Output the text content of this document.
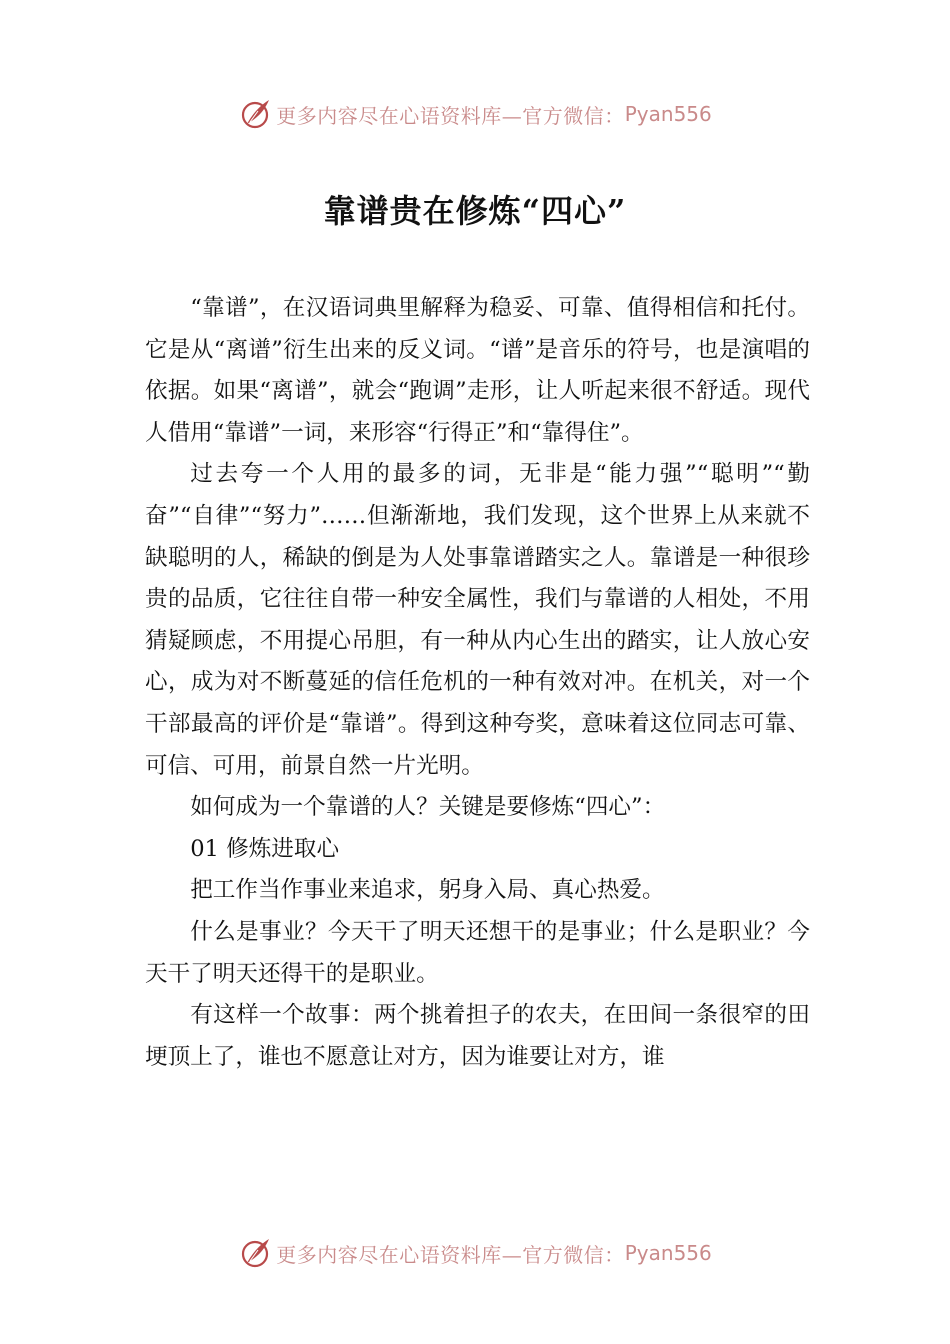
更多内容尽在心语资料库—官方微信： Pyan556
靠谱贵在修炼“四心”

“靠谱”，在汉语词典里解释为稳妥、可靠、值得相信和托付。它是从“离谱”衍生出来的反义词。“谱”是音乐的符号，也是演唱的依据。如果“离谱”，就会“跑调”走形，让人听起来很不舒适。现代人借用“靠谱”一词，来形容“行得正”和“靠得住”。

过去夸一个人用的最多的词，无非是“能力强”“聪明”“勤奋”“自律”“努力”……但渐渐地，我们发现，这个世界上从来就不缺聪明的人，稀缺的倒是为人处事靠谱踏实之人。靠谱是一种很珍贵的品质，它往往自带一种安全属性，我们与靠谱的人相处，不用猜疑顾虑，不用提心吊胆，有一种从内心生出的踏实，让人放心安心，成为对不断蔓延的信任危机的一种有效对冲。在机关，对一个干部最高的评价是“靠谱”。得到这种夸奖，意味着这位同志可靠、可信、可用，前景自然一片光明。

如何成为一个靠谱的人？关键是要修炼“四心”：

01 修炼进取心

把工作当作事业来追求，躬身入局、真心热爱。

什么是事业？今天干了明天还想干的是事业；什么是职业？今天干了明天还得干的是职业。

有这样一个故事：两个挑着担子的农夫，在田间一条很窄的田埂顶上了，谁也不愿意让对方，因为谁要让对方，谁

更多内容尽在心语资料库—官方微信： Pyan556
